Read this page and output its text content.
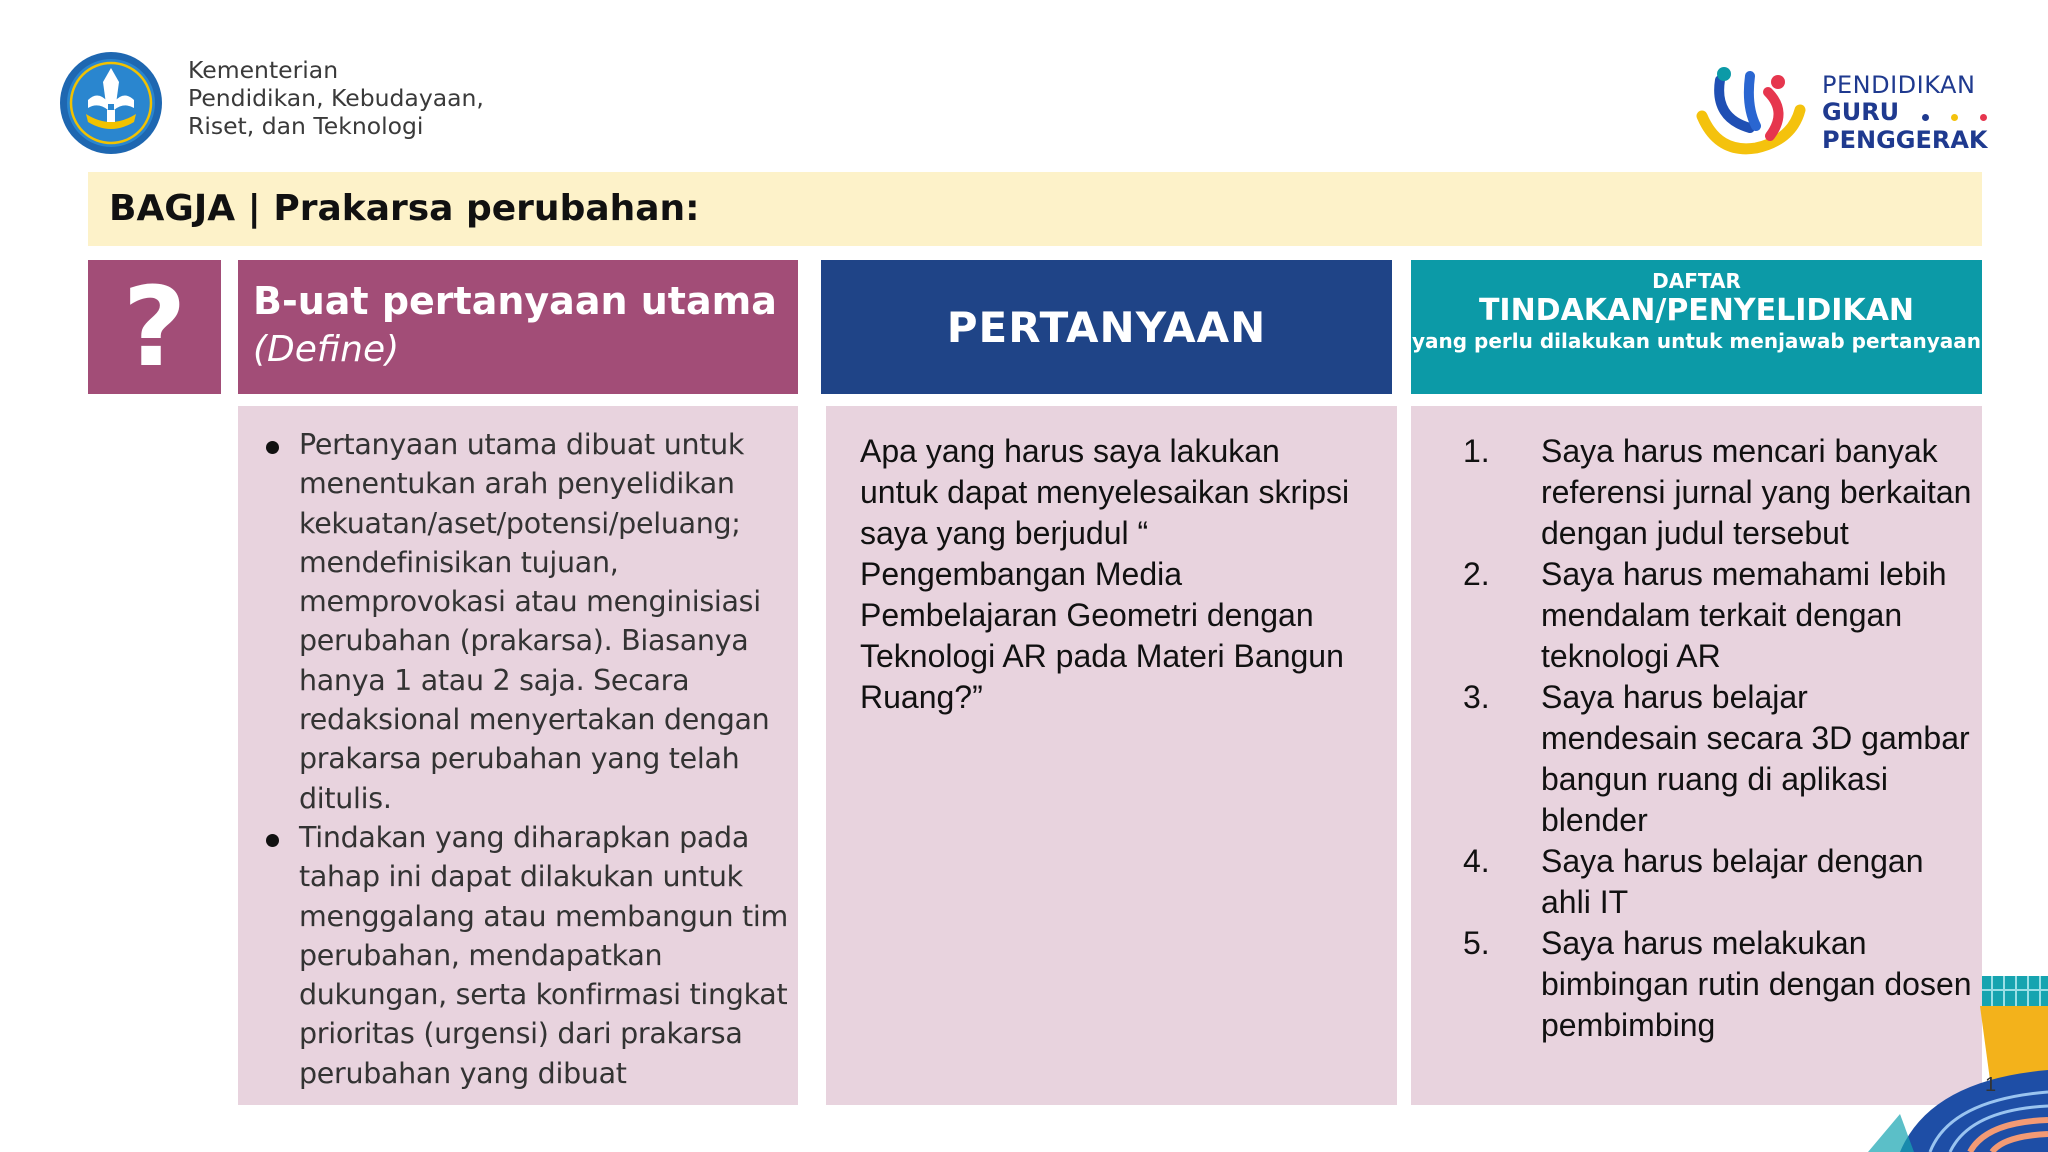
Kementerian
Pendidikan, Kebudayaan,
Riset, dan Teknologi
PENDIDIKAN
GURU
PENGGERAK
BAGJA | Prakarsa perubahan:
?	B-uat pertanyaan utama
(Define)	PERTANYAAN
DAFTAR
TINDAKAN/PENYELIDIKAN
yang perlu dilakukan untuk menjawab pertanyaan
Pertanyaan utama dibuat untuk menentukan arah penyelidikan kekuatan/aset/potensi/peluang; mendefinisikan tujuan, memprovokasi atau menginisiasi perubahan (prakarsa). Biasanya hanya 1 atau 2 saja. Secara redaksional menyertakan dengan prakarsa perubahan yang telah ditulis.
Tindakan yang diharapkan pada tahap ini dapat dilakukan untuk menggalang atau membangun tim perubahan, mendapatkan dukungan, serta konfirmasi tingkat prioritas (urgensi) dari prakarsa perubahan yang dibuat

Apa yang harus saya lakukan untuk dapat menyelesaikan skripsi saya yang berjudul “ Pengembangan Media Pembelajaran Geometri dengan Teknologi AR pada Materi Bangun Ruang?”

1. Saya harus mencari banyak referensi jurnal yang berkaitan dengan judul tersebut
2. Saya harus memahami lebih mendalam terkait dengan teknologi AR
3. Saya harus belajar mendesain secara 3D gambar bangun ruang di aplikasi blender
4. Saya harus belajar dengan ahli IT
5. Saya harus melakukan bimbingan rutin dengan dosen pembimbing
1
